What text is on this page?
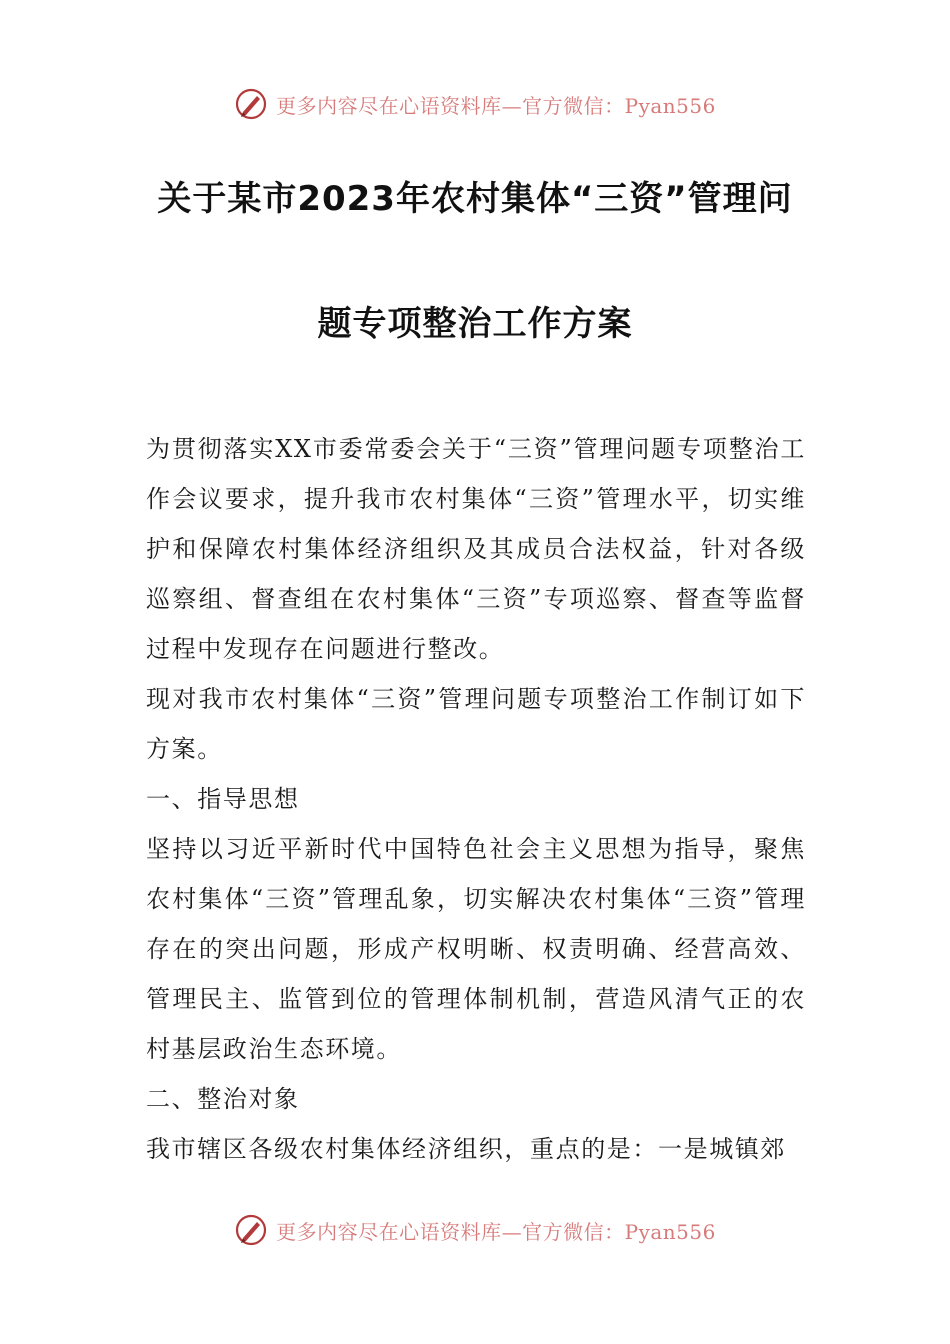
更多内容尽在心语资料库—官方微信：Pyan556
关于某市2023年农村集体“三资”管理问
题专项整治工作方案

为贯彻落实XX市委常委会关于“三资”管理问题专项整治工作会议要求，提升我市农村集体“三资”管理水平，切实维护和保障农村集体经济组织及其成员合法权益，针对各级巡察组、督查组在农村集体“三资”专项巡察、督查等监督过程中发现存在问题进行整改。

现对我市农村集体“三资”管理问题专项整治工作制订如下方案。

一、指导思想

坚持以习近平新时代中国特色社会主义思想为指导，聚焦农村集体“三资”管理乱象，切实解决农村集体“三资”管理存在的突出问题，形成产权明晰、权责明确、经营高效、管理民主、监管到位的管理体制机制，营造风清气正的农村基层政治生态环境。

二、整治对象

我市辖区各级农村集体经济组织，重点的是：一是城镇郊

更多内容尽在心语资料库—官方微信：Pyan556
